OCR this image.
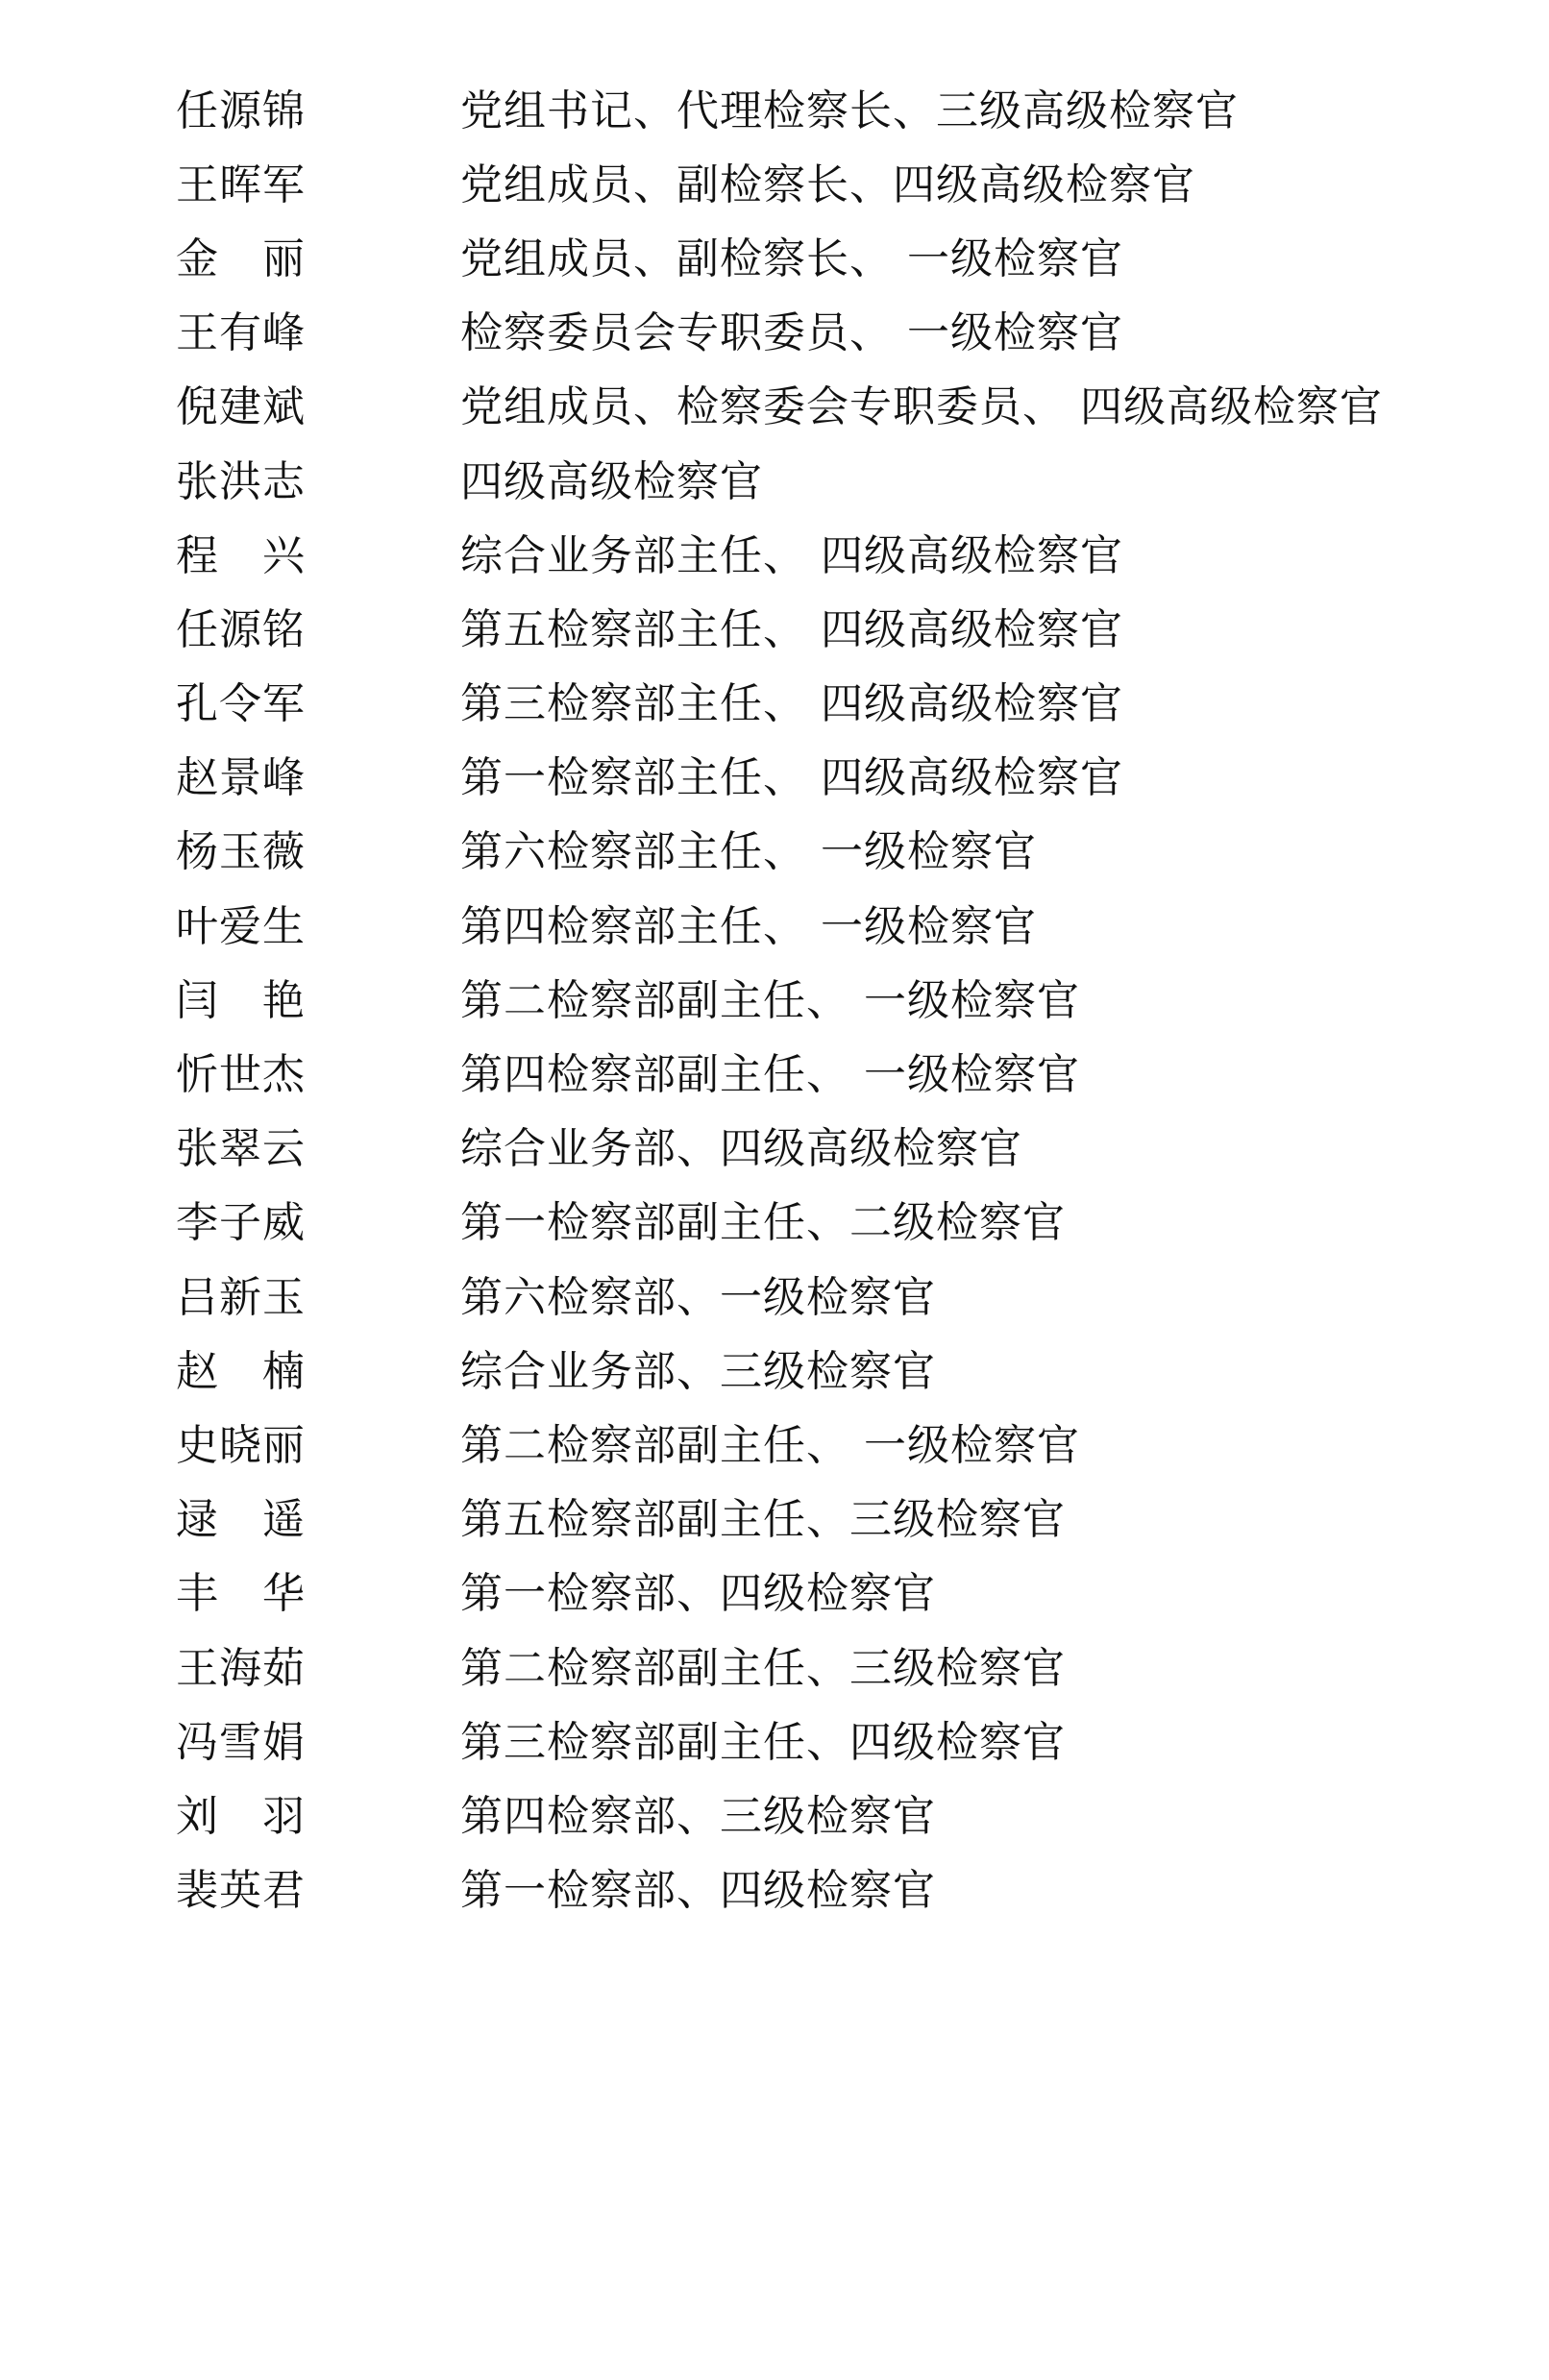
任源锦	党组书记、代理检察长、三级高级检察官
王晖军	党组成员、副检察长、四级高级检察官
金　丽	党组成员、副检察长、 一级检察官
王有峰	检察委员会专职委员、 一级检察官
倪建斌	党组成员、检察委会专职委员、 四级高级检察官
张洪志	四级高级检察官
程　兴	综合业务部主任、 四级高级检察官
任源铭	第五检察部主任、 四级高级检察官
孔令军	第三检察部主任、 四级高级检察官
赵景峰	第一检察部主任、 四级高级检察官
杨玉薇	第六检察部主任、 一级检察官
叶爱生	第四检察部主任、 一级检察官
闫　艳	第二检察部副主任、 一级检察官
忻世杰	第四检察部副主任、 一级检察官
张翠云	综合业务部、四级高级检察官
李子威	第一检察部副主任、二级检察官
吕新玉	第六检察部、一级检察官
赵　楠	综合业务部、三级检察官
史晓丽	第二检察部副主任、 一级检察官
逯　遥	第五检察部副主任、三级检察官
丰　华	第一检察部、四级检察官
王海茹	第二检察部副主任、三级检察官
冯雪娟	第三检察部副主任、四级检察官
刘　羽	第四检察部、三级检察官
裴英君	第一检察部、四级检察官
